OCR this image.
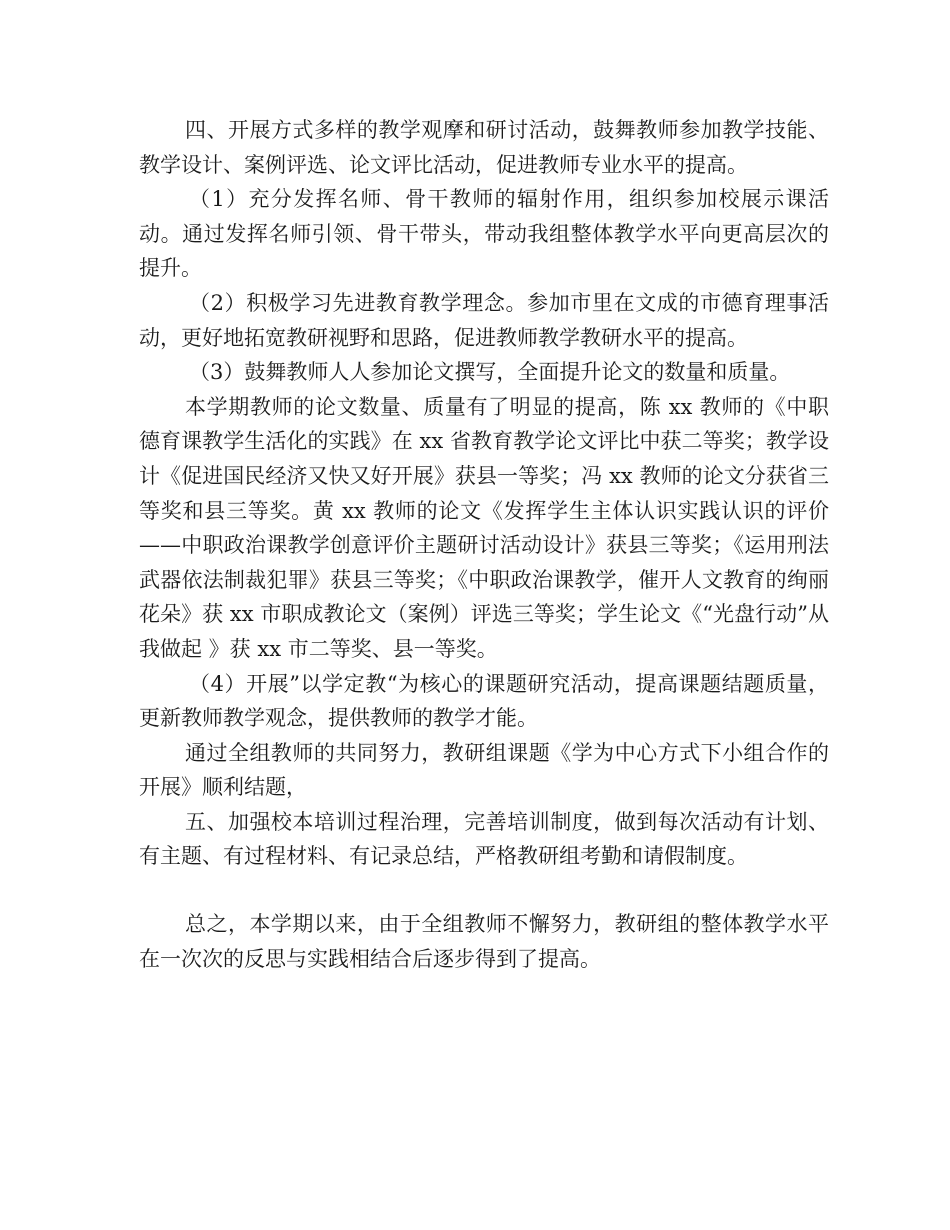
四、开展方式多样的教学观摩和研讨活动，鼓舞教师参加教学技能、教学设计、案例评选、论文评比活动，促进教师专业水平的提高。

（1）充分发挥名师、骨干教师的辐射作用，组织参加校展示课活动。通过发挥名师引领、骨干带头，带动我组整体教学水平向更高层次的提升。

（2）积极学习先进教育教学理念。参加市里在文成的市德育理事活动，更好地拓宽教研视野和思路，促进教师教学教研水平的提高。

（3）鼓舞教师人人参加论文撰写，全面提升论文的数量和质量。

本学期教师的论文数量、质量有了明显的提高，陈 xx 教师的《中职德育课教学生活化的实践》在 xx 省教育教学论文评比中获二等奖；教学设计《促进国民经济又快又好开展》获县一等奖；冯 xx 教师的论文分获省三等奖和县三等奖。黄 xx 教师的论文《发挥学生主体认识实践认识的评价——中职政治课教学创意评价主题研讨活动设计》获县三等奖；《运用刑法武器依法制裁犯罪》获县三等奖；《中职政治课教学，催开人文教育的绚丽花朵》获 xx 市职成教论文（案例）评选三等奖；学生论文《“光盘行动”从我做起 》获 xx 市二等奖、县一等奖。

（4）开展”以学定教“为核心的课题研究活动，提高课题结题质量，更新教师教学观念，提供教师的教学才能。

通过全组教师的共同努力，教研组课题《学为中心方式下小组合作的开展》顺利结题，

五、加强校本培训过程治理，完善培训制度，做到每次活动有计划、有主题、有过程材料、有记录总结，严格教研组考勤和请假制度。

总之，本学期以来，由于全组教师不懈努力，教研组的整体教学水平在一次次的反思与实践相结合后逐步得到了提高。
